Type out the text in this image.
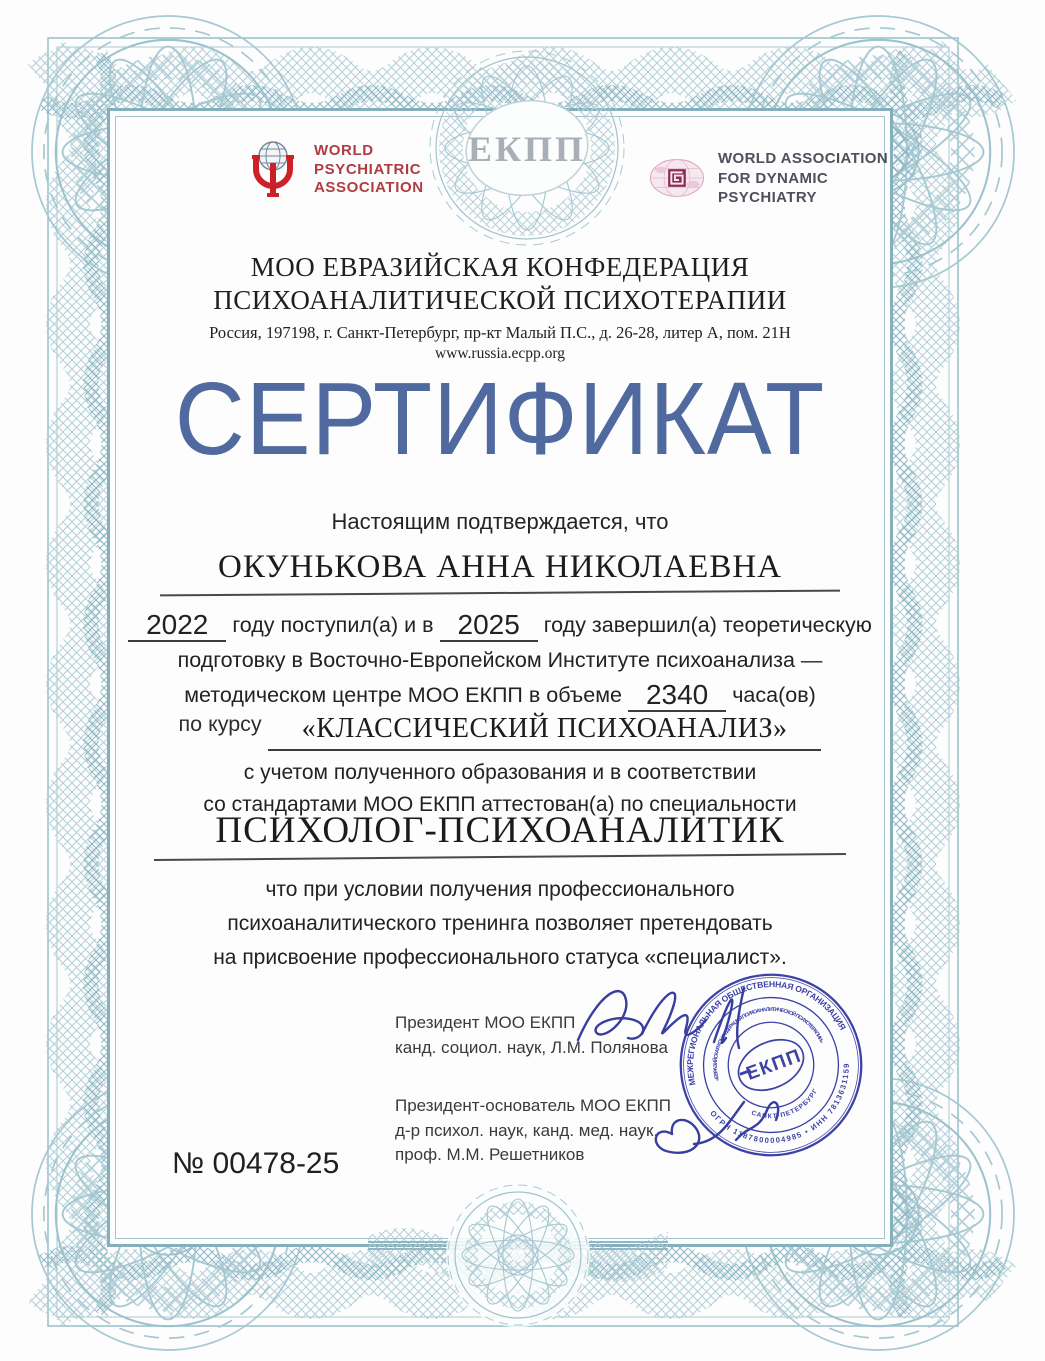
WORLD
PSYCHIATRIC
ASSOCIATION
WORLD ASSOCIATION
FOR DYNAMIC PSYCHIATRY
МОО ЕВРАЗИЙСКАЯ КОНФЕДЕРАЦИЯ
ПСИХОАНАЛИТИЧЕСКОЙ ПСИХОТЕРАПИИ
Россия, 197198, г. Санкт-Петербург, пр-кт Малый П.С., д. 26-28, литер А, пом. 21Н
www.russia.ecpp.org
СЕРТИФИКАТ
Настоящим подтверждается, что
ОКУНЬКОВА АННА НИКОЛАЕВНА
2022 году поступил(а) и в 2025 году завершил(а) теоретическую
подготовку в Восточно-Европейском Институте психоанализа —
методическом центре МОО ЕКПП в объеме 2340 часа(ов)
по курсу «КЛАССИЧЕСКИЙ ПСИХОАНАЛИЗ»
с учетом полученного образования и в соответствии
со стандартами МОО ЕКПП аттестован(а) по специальности
ПСИХОЛОГ-ПСИХОАНАЛИТИК
что при условии получения профессионального
психоаналитического тренинга позволяет претендовать
на присвоение профессионального статуса «специалист».
Президент МОО ЕКПП
канд. социол. наук, Л.М. Полянова
Президент-основатель МОО ЕКПП
д-р психол. наук, канд. мед. наук,
проф. М.М. Решетников
№ 00478-25
ЕКПП
МЕЖРЕГИОНАЛЬНАЯ ОБЩЕСТВЕННАЯ ОРГАНИЗАЦИЯ
ОГРН 1187800004985 • ИНН 7813631159
«ЕВРАЗИЙСКАЯ КОНФЕДЕРАЦИЯ ПСИХОАНАЛИТИЧЕСКОЙ ПСИХОТЕРАПИИ»
САНКТ-ПЕТЕРБУРГ
ЕКПП
